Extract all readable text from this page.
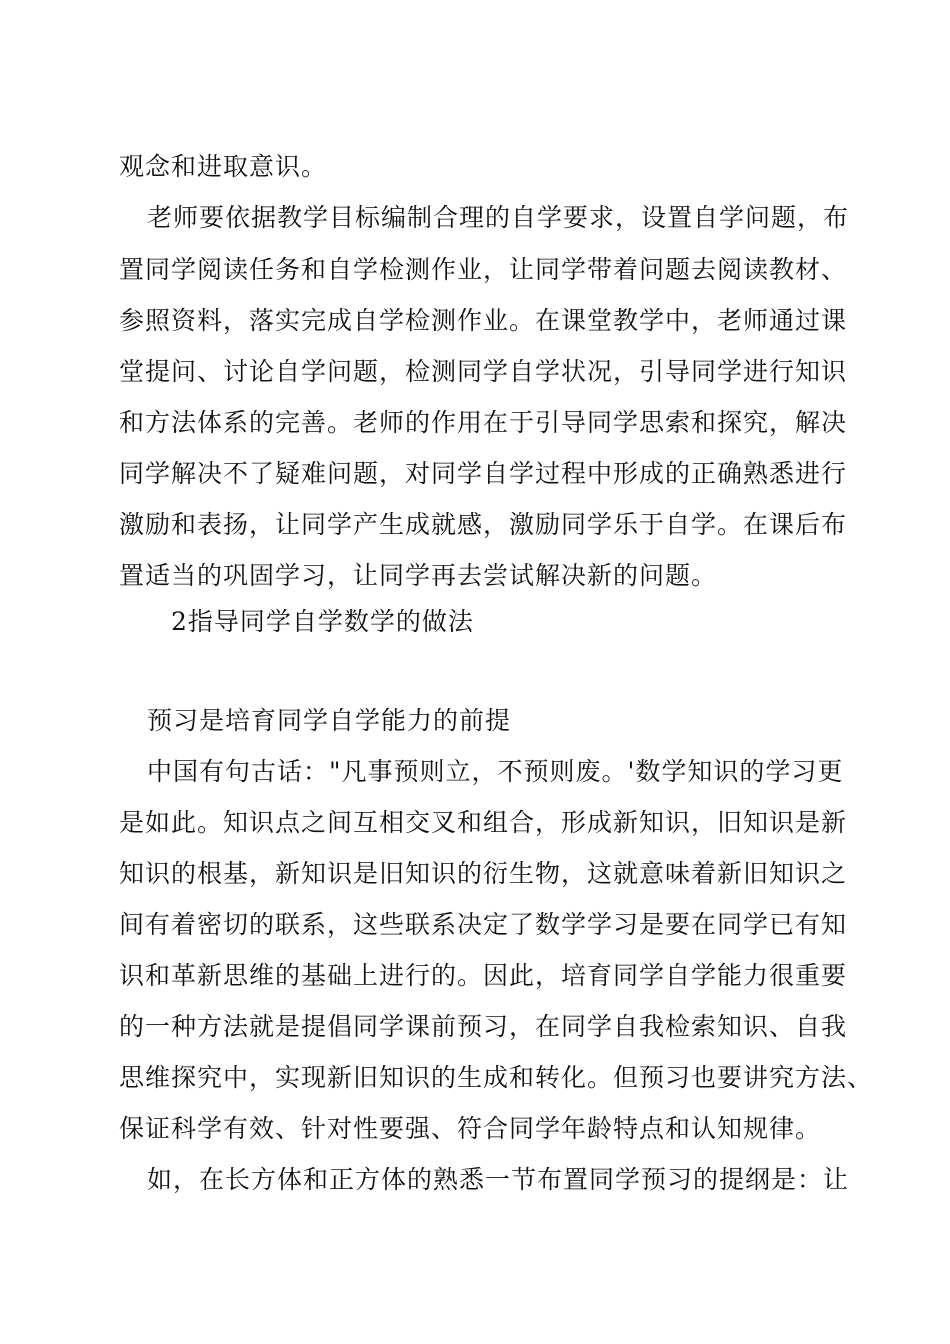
观念和进取意识。
老师要依据教学目标编制合理的自学要求，设置自学问题，布
置同学阅读任务和自学检测作业，让同学带着问题去阅读教材、
参照资料，落实完成自学检测作业。在课堂教学中，老师通过课
堂提问、讨论自学问题，检测同学自学状况，引导同学进行知识
和方法体系的完善。老师的作用在于引导同学思索和探究，解决
同学解决不了疑难问题，对同学自学过程中形成的正确熟悉进行
激励和表扬，让同学产生成就感，激励同学乐于自学。在课后布
置适当的巩固学习，让同学再去尝试解决新的问题。
2指导同学自学数学的做法
预习是培育同学自学能力的前提
中国有句古话："凡事预则立，不预则废。'数学知识的学习更
是如此。知识点之间互相交叉和组合，形成新知识，旧知识是新
知识的根基，新知识是旧知识的衍生物，这就意味着新旧知识之
间有着密切的联系，这些联系决定了数学学习是要在同学已有知
识和革新思维的基础上进行的。因此，培育同学自学能力很重要
的一种方法就是提倡同学课前预习，在同学自我检索知识、自我
思维探究中，实现新旧知识的生成和转化。但预习也要讲究方法、
保证科学有效、针对性要强、符合同学年龄特点和认知规律。
如，在长方体和正方体的熟悉一节布置同学预习的提纲是：让
